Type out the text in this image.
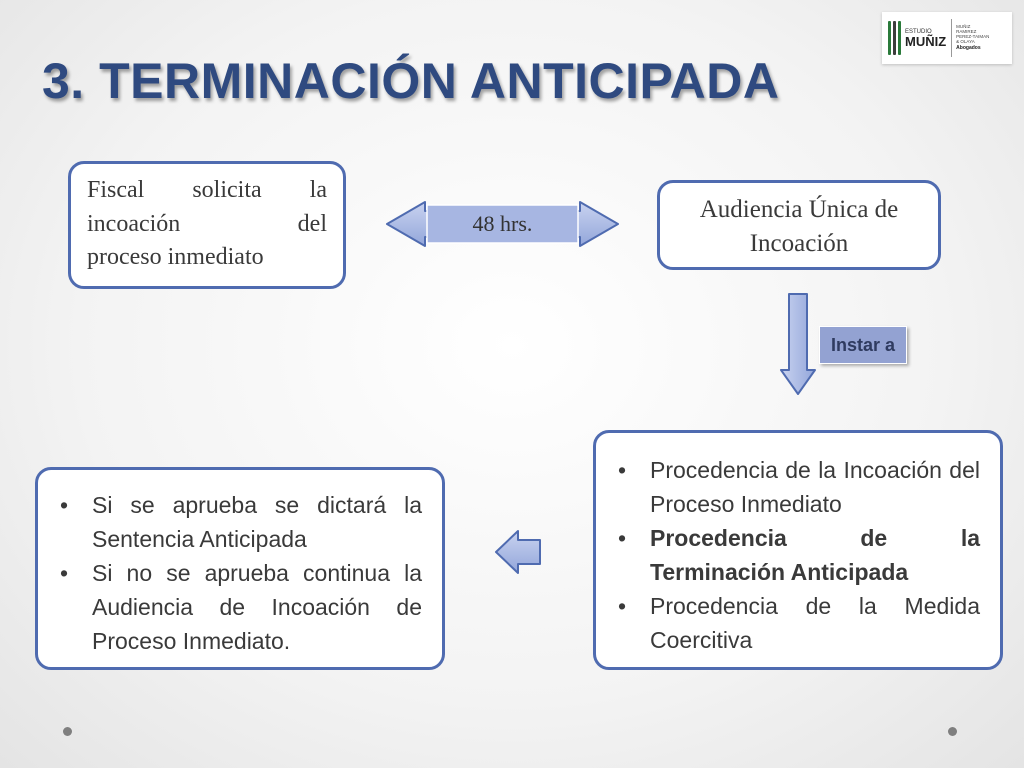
3. TERMINACIÓN ANTICIPADA
ESTUDIO
MUÑIZ
MUÑIZ
RAMIREZ
PEREZ-TAIMAN
& OLAYA
Abogados
Fiscal solicita la
incoación del
proceso inmediato
48 hrs.
Audiencia Única de
Incoación
Instar a
• Procedencia de la Incoación del Proceso Inmediato
• Procedencia de la Terminación Anticipada
• Procedencia de la Medida Coercitiva
• Si se aprueba se dictará la Sentencia Anticipada
• Si no se aprueba continua la Audiencia de Incoación de Proceso Inmediato.
